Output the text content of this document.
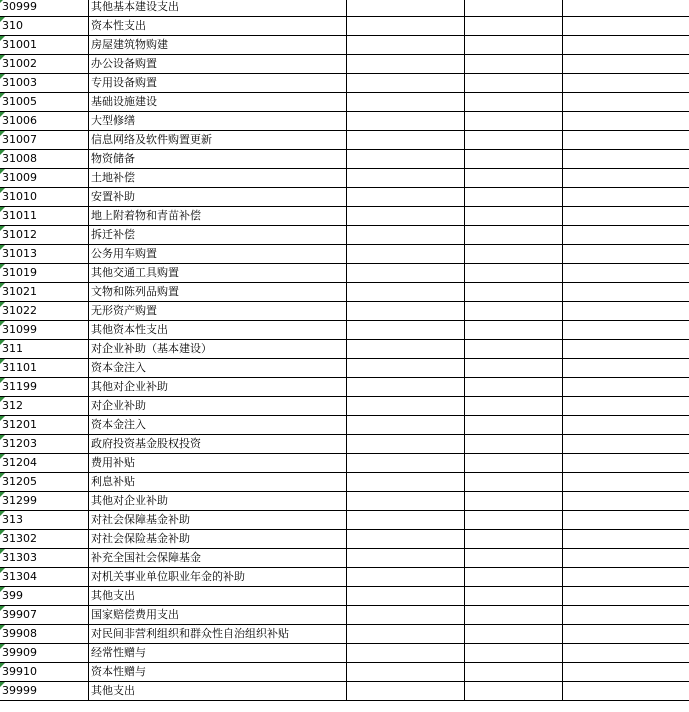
30999	其他基本建设支出
310	资本性支出
31001	房屋建筑物购建
31002	办公设备购置
31003	专用设备购置
31005	基础设施建设
31006	大型修缮
31007	信息网络及软件购置更新
31008	物资储备
31009	土地补偿
31010	安置补助
31011	地上附着物和青苗补偿
31012	拆迁补偿
31013	公务用车购置
31019	其他交通工具购置
31021	文物和陈列品购置
31022	无形资产购置
31099	其他资本性支出
311	对企业补助（基本建设）
31101	资本金注入
31199	其他对企业补助
312	对企业补助
31201	资本金注入
31203	政府投资基金股权投资
31204	费用补贴
31205	利息补贴
31299	其他对企业补助
313	对社会保障基金补助
31302	对社会保险基金补助
31303	补充全国社会保障基金
31304	对机关事业单位职业年金的补助
399	其他支出
39907	国家赔偿费用支出
39908	对民间非营利组织和群众性自治组织补贴
39909	经常性赠与
39910	资本性赠与
39999	其他支出
